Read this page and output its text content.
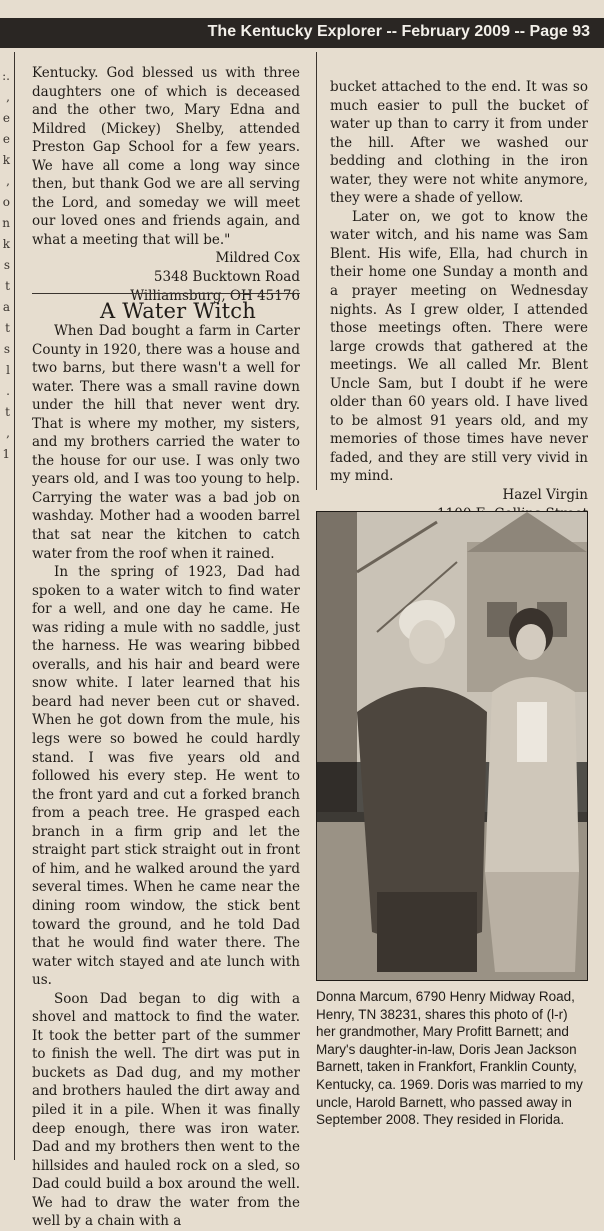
The Kentucky Explorer -- February 2009 -- Page 93
:.
,
e
e
k
,
o
n
k
s
t
a
t
s
l
.
t
,
1

Kentucky. God blessed us with three daughters one of which is deceased and the other two, Mary Edna and Mildred (Mickey) Shelby, attended Preston Gap School for a few years. We have all come a long way since then, but thank God we are all serving the Lord, and someday we will meet our loved ones and friends again, and what a meeting that will be."

Mildred Cox

5348 Bucktown Road

Williamsburg, OH 45176

A Water Witch

When Dad bought a farm in Carter County in 1920, there was a house and two barns, but there wasn't a well for water. There was a small ravine down under the hill that never went dry. That is where my mother, my sisters, and my brothers carried the water to the house for our use. I was only two years old, and I was too young to help. Carrying the water was a bad job on washday. Mother had a wooden barrel that sat near the kitchen to catch water from the roof when it rained.

In the spring of 1923, Dad had spoken to a water witch to find water for a well, and one day he came. He was riding a mule with no saddle, just the harness. He was wearing bibbed overalls, and his hair and beard were snow white. I later learned that his beard had never been cut or shaved. When he got down from the mule, his legs were so bowed he could hardly stand. I was five years old and followed his every step. He went to the front yard and cut a forked branch from a peach tree. He grasped each branch in a firm grip and let the straight part stick straight out in front of him, and he walked around the yard several times. When he came near the dining room window, the stick bent toward the ground, and he told Dad that he would find water there. The water witch stayed and ate lunch with us.

Soon Dad began to dig with a shovel and mattock to find the water. It took the better part of the summer to finish the well. The dirt was put in buckets as Dad dug, and my mother and brothers hauled the dirt away and piled it in a pile. When it was finally deep enough, there was iron water. Dad and my brothers then went to the hillsides and hauled rock on a sled, so Dad could build a box around the well. We had to draw the water from the well by a chain with a

bucket attached to the end. It was so much easier to pull the bucket of water up than to carry it from under the hill. After we washed our bedding and clothing in the iron water, they were not white anymore, they were a shade of yellow.

Later on, we got to know the water witch, and his name was Sam Blent. His wife, Ella, had church in their home one Sunday a month and a prayer meeting on Wednesday nights. As I grew older, I attended those meetings often. There were large crowds that gathered at the meetings. We all called Mr. Blent Uncle Sam, but I doubt if he were older than 60 years old. I have lived to be almost 91 years old, and my memories of those times have never faded, and they are still very vivid in my mind.

Hazel Virgin

Donna Marcum, 6790 Henry Midway Road, Henry, TN 38231, shares this photo of (l-r) her grandmother, Mary Profitt Barnett; and Mary's daughter-in-law, Doris Jean Jackson Barnett, taken in Frankfort, Franklin County, Kentucky, ca. 1969. Doris was married to my uncle, Harold Barnett, who passed away in September 2008. They resided in Florida.
